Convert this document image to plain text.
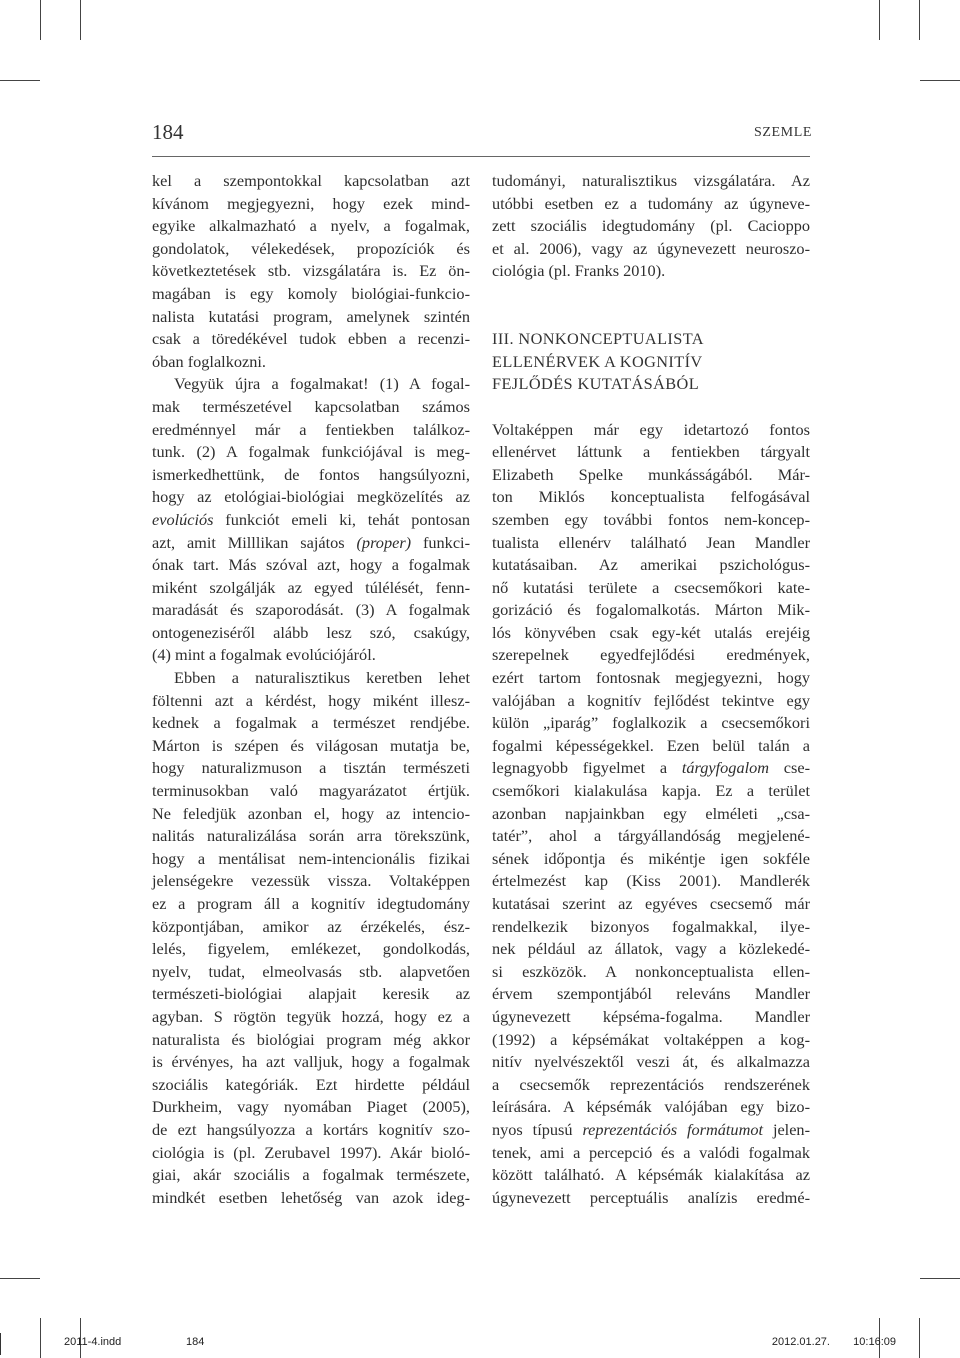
184	SZEMLE
kel a szempontokkal kapcsolatban azt
kívánom megjegyezni, hogy ezek mind-
egyike alkalmazható a nyelv, a fogalmak,
gondolatok, vélekedések, propozíciók és
következtetések stb. vizsgálatára is. Ez ön-
magában is egy komoly biológiai-funkcio-
nalista kutatási program, amelynek szintén
csak a töredékével tudok ebben a recenzi-
óban foglalkozni.
Vegyük újra a fogalmakat! (1) A fogal-
mak természetével kapcsolatban számos
eredménnyel már a fentiekben találkoz-
tunk. (2) A fogalmak funkciójával is meg-
ismerkedhettünk, de fontos hangsúlyozni,
hogy az etológiai-biológiai megközelítés az
evolúciós funkciót emeli ki, tehát pontosan
azt, amit Milllikan sajátos (proper) funkci-
ónak tart. Más szóval azt, hogy a fogalmak
miként szolgálják az egyed túlélését, fenn-
maradását és szaporodását. (3) A fogalmak
ontogeneziséről alább lesz szó, csakúgy,
(4) mint a fogalmak evolúciójáról.
Ebben a naturalisztikus keretben lehet
föltenni azt a kérdést, hogy miként illesz-
kednek a fogalmak a természet rendjébe.
Márton is szépen és világosan mutatja be,
hogy naturalizmuson a tisztán természeti
terminusokban való magyarázatot értjük.
Ne feledjük azonban el, hogy az intencio-
nalitás naturalizálása során arra törekszünk,
hogy a mentálisat nem-intencionális fizikai
jelenségekre vezessük vissza. Voltaképpen
ez a program áll a kognitív idegtudomány
központjában, amikor az érzékelés, ész-
lelés, figyelem, emlékezet, gondolkodás,
nyelv, tudat, elmeolvasás stb. alapvetően
természeti-biológiai alapjait keresik az
agyban. S rögtön tegyük hozzá, hogy ez a
naturalista és biológiai program még akkor
is érvényes, ha azt valljuk, hogy a fogalmak
szociális kategóriák. Ezt hirdette például
Durkheim, vagy nyomában Piaget (2005),
de ezt hangsúlyozza a kortárs kognitív szo-
ciológia is (pl. Zerubavel 1997). Akár bioló-
giai, akár szociális a fogalmak természete,
mindkét esetben lehetőség van azok ideg-
tudományi, naturalisztikus vizsgálatára. Az
utóbbi esetben ez a tudomány az úgyneve-
zett szociális idegtudomány (pl. Cacioppo
et al. 2006), vagy az úgynevezett neuroszo-
ciológia (pl. Franks 2010).
III. NONKONCEPTUALISTA
ELLENÉRVEK A KOGNITÍV
FEJLŐDÉS KUTATÁSÁBÓL
Voltaképpen már egy idetartozó fontos
ellenérvet láttunk a fentiekben tárgyalt
Elizabeth Spelke munkásságából. Már-
ton Miklós konceptualista felfogásával
szemben egy további fontos nem-koncep-
tualista ellenérv található Jean Mandler
kutatásaiban. Az amerikai pszichológus-
nő kutatási területe a csecsemőkori kate-
gorizáció és fogalomalkotás. Márton Mik-
lós könyvében csak egy-két utalás erejéig
szerepelnek egyedfejlődési eredmények,
ezért tartom fontosnak megjegyezni, hogy
valójában a kognitív fejlődést tekintve egy
külön „iparág” foglalkozik a csecsemőkori
fogalmi képességekkel. Ezen belül talán a
legnagyobb figyelmet a tárgyfogalom cse-
csemőkori kialakulása kapja. Ez a terület
azonban napjainkban egy elméleti „csa-
tatér”, ahol a tárgyállandóság megjelené-
sének időpontja és mikéntje igen sokféle
értelmezést kap (Kiss 2001). Mandlerék
kutatásai szerint az egyéves csecsemő már
rendelkezik bizonyos fogalmakkal, ilye-
nek például az állatok, vagy a közlekedé-
si eszközök. A nonkonceptualista ellen-
érvem szempontjából releváns Mandler
úgynevezett képséma-fogalma. Mandler
(1992) a képsémákat voltaképpen a kog-
nitív nyelvészektől veszi át, és alkalmazza
a csecsemők reprezentációs rendszerének
leírására. A képsémák valójában egy bizo-
nyos típusú reprezentációs formátumot jelen-
tenek, ami a percepció és a valódi fogalmak
között található. A képsémák kialakítása az
úgynevezett perceptuális analízis eredmé-
2011-4.indd	184	2012.01.27. 10:16:09
